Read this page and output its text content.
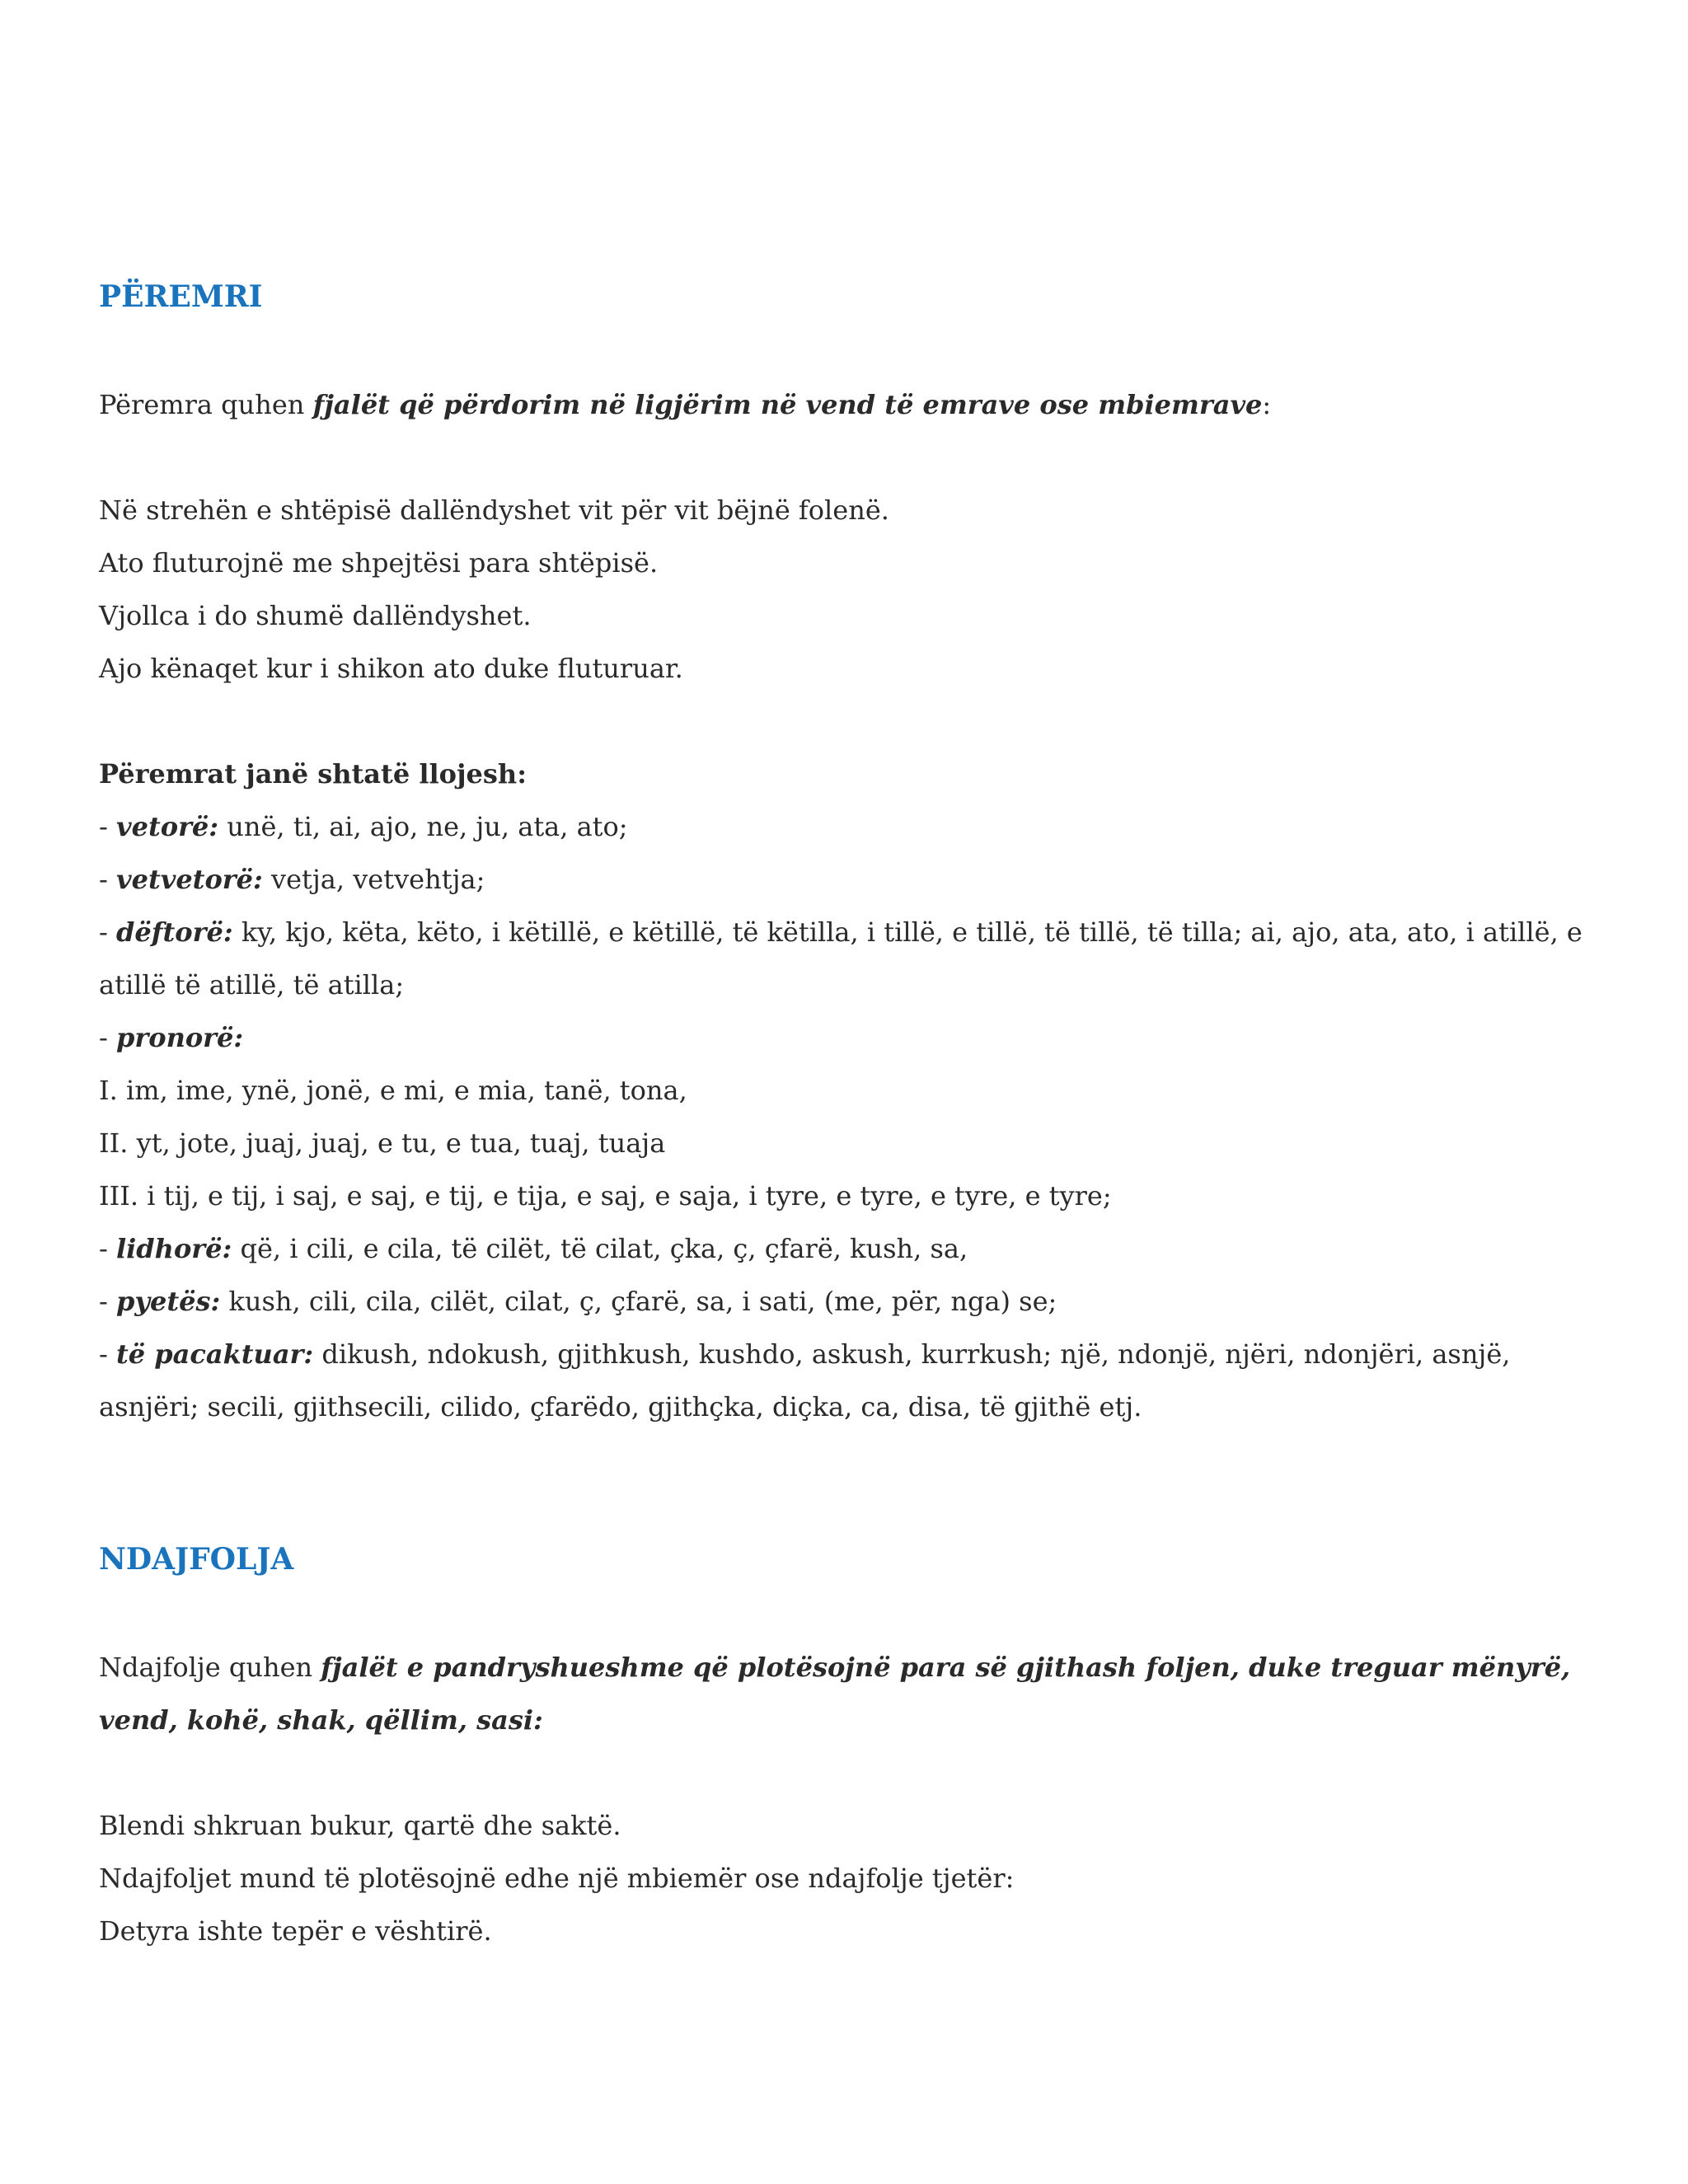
PËREMRI
Përemra quhen fjalët që përdorim në ligjërim në vend të emrave ose mbiemrave:
Në strehën e shtëpisë dallëndyshet vit për vit bëjnë folenë.
Ato fluturojnë me shpejtësi para shtëpisë.
Vjollca i do shumë dallëndyshet.
Ajo kënaqet kur i shikon ato duke fluturuar.
Përemrat janë shtatë llojesh:
- vetorë: unë, ti, ai, ajo, ne, ju, ata, ato;
- vetvetorë: vetja, vetvehtja;
- dëftorë: ky, kjo, këta, këto, i këtillë, e këtillë, të këtilla, i tillë, e tillë, të tillë, të tilla; ai, ajo, ata, ato, i atillë, e atillë të atillë, të atilla;
- pronorë:
I. im, ime, ynë, jonë, e mi, e mia, tanë, tona,
II. yt, jote, juaj, juaj, e tu, e tua, tuaj, tuaja
III. i tij, e tij, i saj, e saj, e tij, e tija, e saj, e saja, i tyre, e tyre, e tyre, e tyre;
- lidhorë: që, i cili, e cila, të cilët, të cilat, çka, ç, çfarë, kush, sa,
- pyetës: kush, cili, cila, cilët, cilat, ç, çfarë, sa, i sati, (me, për, nga) se;
- të pacaktuar: dikush, ndokush, gjithkush, kushdo, askush, kurrkush; një, ndonjë, njëri, ndonjëri, asnjë, asnjëri; secili, gjithsecili, cilido, çfarëdo, gjithçka, diçka, ca, disa, të gjithë etj.
NDAJFOLJA
Ndajfolje quhen fjalët e pandryshueshme që plotësojnë para së gjithash foljen, duke treguar mënyrë, vend, kohë, shak, qëllim, sasi:
Blendi shkruan bukur, qartë dhe saktë.
Ndajfoljet mund të plotësojnë edhe një mbiemër ose ndajfolje tjetër:
Detyra ishte tepër e vështirë.
